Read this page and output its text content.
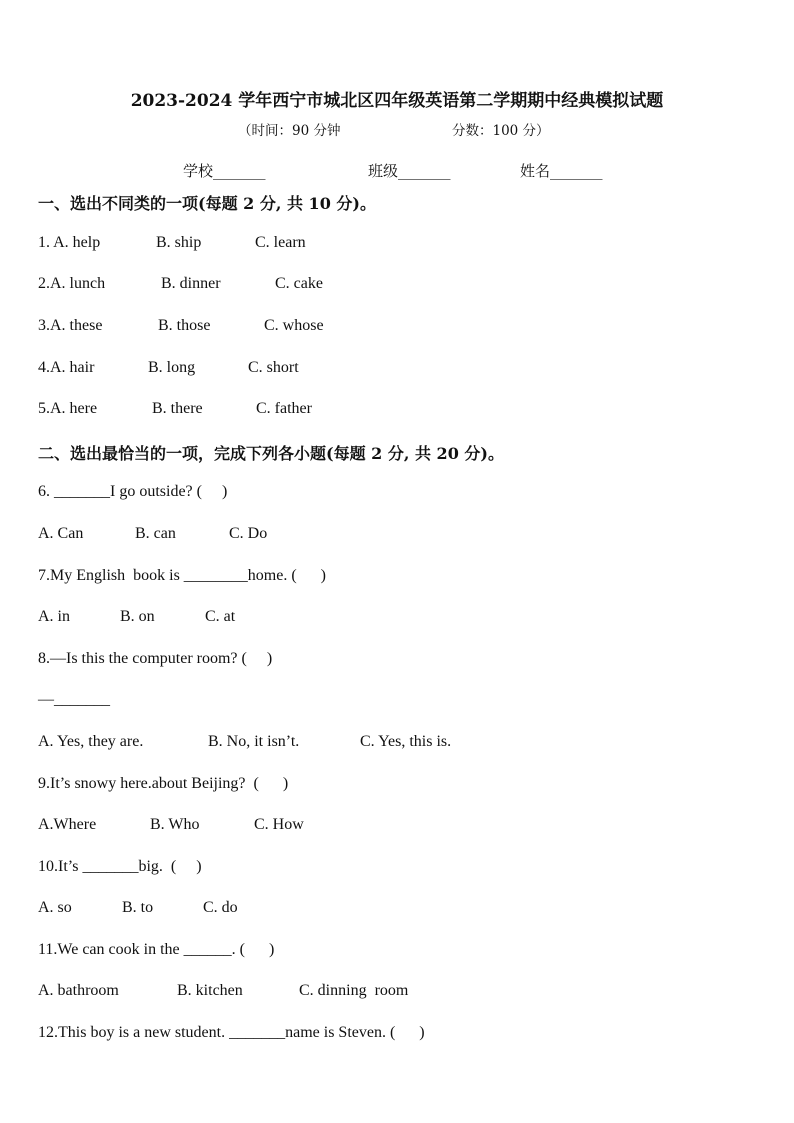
2023-2024 学年西宁市城北区四年级英语第二学期期中经典模拟试题
（时间：90 分钟	分数：100 分）
学校_______	班级_______	姓名_______
一、选出不同类的一项(每题 2 分, 共 10 分)。
1. A. help	B. ship	C. learn
2.A. lunch	B. dinner	C. cake
3.A. these	B. those	C. whose
4.A. hair	B. long	C. short
5.A. here	B. there	C. father
二、选出最恰当的一项，完成下列各小题(每题 2 分, 共 20 分)。
6. _______I go outside? (     )
A. Can	B. can	C. Do
7.My English  book is ________home. (      )
A. in	B. on	C. at
8.—Is this the computer room? (     )
—_______
A. Yes, they are.	B. No, it isn’t.	C. Yes, this is.
9.It’s snowy here.about Beijing?  (      )
A.Where	B. Who	C. How
10.It’s _______big.  (     )
A. so	B. to	C. do
11.We can cook in the ______. (      )
A. bathroom	B. kitchen	C. dinning  room
12.This boy is a new student. _______name is Steven. (      )
